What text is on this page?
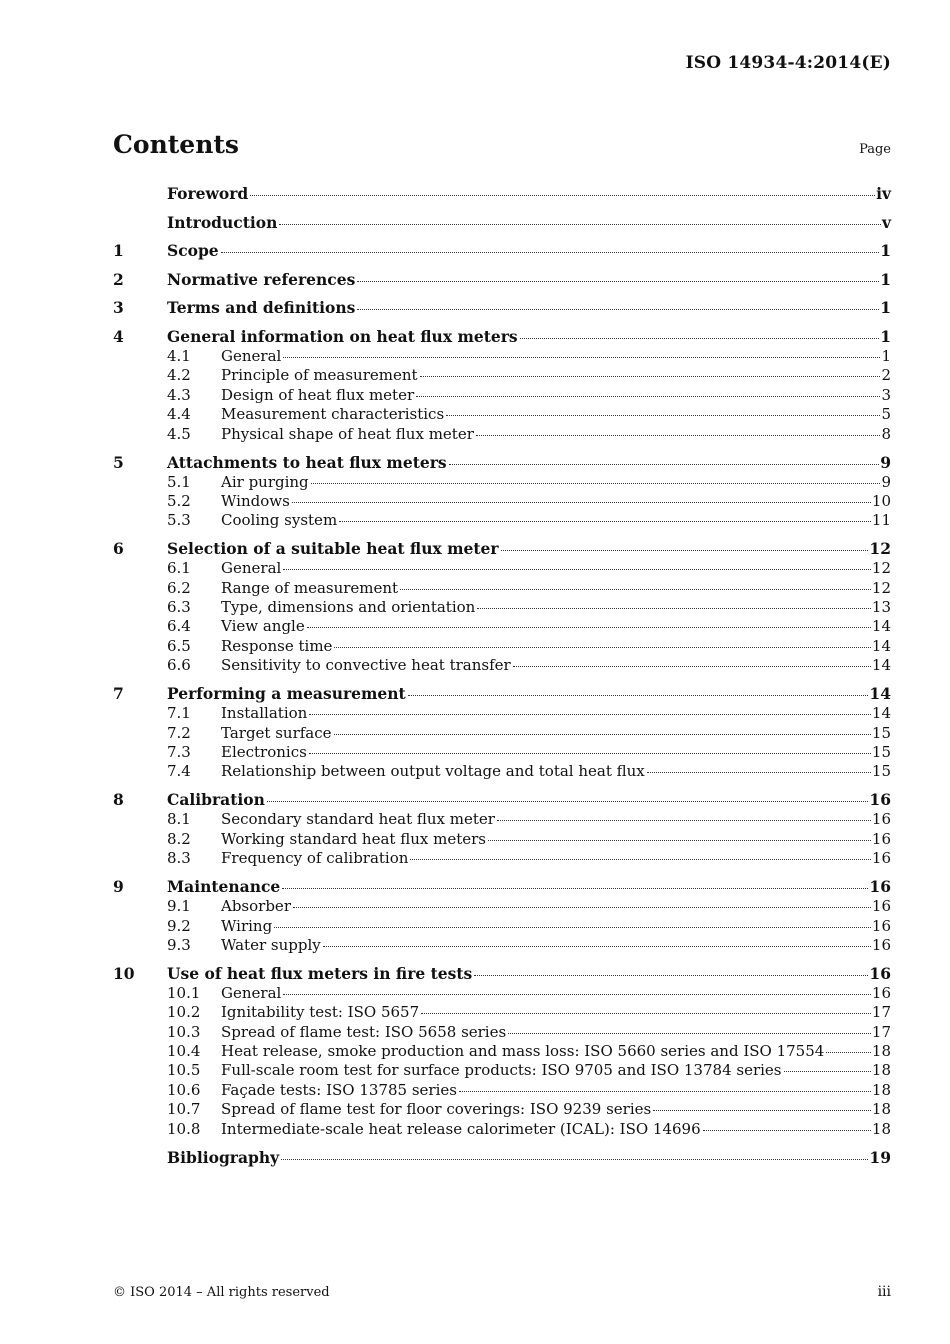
ISO 14934-4:2014(E)
Contents	Page
Foreword	iv
Introduction	v
1	Scope	1
2	Normative references	1
3	Terms and definitions	1
4	General information on heat flux meters	1
4.1	General	1
4.2	Principle of measurement	2
4.3	Design of heat flux meter	3
4.4	Measurement characteristics	5
4.5	Physical shape of heat flux meter	8
5	Attachments to heat flux meters	9
5.1	Air purging	9
5.2	Windows	10
5.3	Cooling system	11
6	Selection of a suitable heat flux meter	12
6.1	General	12
6.2	Range of measurement	12
6.3	Type, dimensions and orientation	13
6.4	View angle	14
6.5	Response time	14
6.6	Sensitivity to convective heat transfer	14
7	Performing a measurement	14
7.1	Installation	14
7.2	Target surface	15
7.3	Electronics	15
7.4	Relationship between output voltage and total heat flux	15
8	Calibration	16
8.1	Secondary standard heat flux meter	16
8.2	Working standard heat flux meters	16
8.3	Frequency of calibration	16
9	Maintenance	16
9.1	Absorber	16
9.2	Wiring	16
9.3	Water supply	16
10	Use of heat flux meters in fire tests	16
10.1	General	16
10.2	Ignitability test: ISO 5657	17
10.3	Spread of flame test: ISO 5658 series	17
10.4	Heat release, smoke production and mass loss: ISO 5660 series and ISO 17554	18
10.5	Full-scale room test for surface products: ISO 9705 and ISO 13784 series	18
10.6	Façade tests: ISO 13785 series	18
10.7	Spread of flame test for floor coverings: ISO 9239 series	18
10.8	Intermediate-scale heat release calorimeter (ICAL): ISO 14696	18
Bibliography	19
© ISO 2014 – All rights reserved	iii
